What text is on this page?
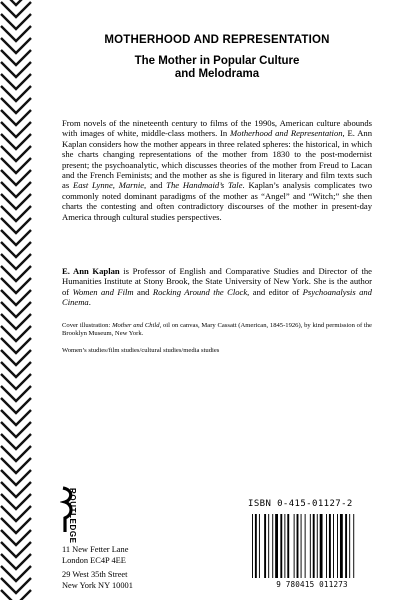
MOTHERHOOD AND REPRESENTATION
The Mother in Popular Culture
and Melodrama
From novels of the nineteenth century to films of the 1990s, American culture abounds with images of white, middle-class mothers. In Motherhood and Representation, E. Ann Kaplan considers how the mother appears in three related spheres: the historical, in which she charts changing representations of the mother from 1830 to the post-modernist present; the psychoanalytic, which discusses theories of the mother from Freud to Lacan and the French Feminists; and the mother as she is figured in literary and film texts such as East Lynne, Marnie, and The Handmaid’s Tale. Kaplan’s analysis complicates two commonly noted dominant paradigms of the mother as “Angel” and “Witch;” she then charts the contesting and often contradictory discourses of the mother in present-day America through cultural studies perspectives.
E. Ann Kaplan is Professor of English and Comparative Studies and Director of the Humanities Institute at Stony Brook, the State University of New York. She is the author of Women and Film and Rocking Around the Clock, and editor of Psychoanalysis and Cinema.
Cover illustration: Mother and Child, oil on canvas, Mary Cassatt (American, 1845-1926), by kind permission of the Brooklyn Museum, New York.
Women’s studies/film studies/cultural studies/media studies
ROUTLEDGE
11 New Fetter Lane
London EC4P 4EE
29 West 35th Street
New York NY 10001
ISBN 0-415-01127-2
9 780415 011273
